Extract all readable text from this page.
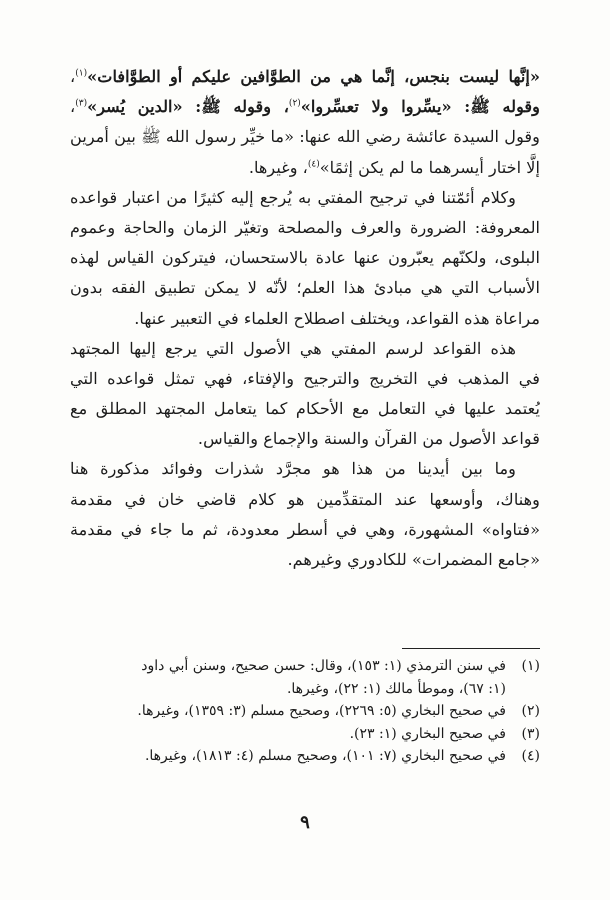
«إنَّها ليست بنجس، إنَّما هي من الطوَّافين عليكم أو الطوَّافات»$^{(١)}$،
وقوله ﷺ: «يسِّروا ولا تعسِّروا»$^{(٢)}$، وقوله ﷺ: «الدين يُسر»$^{(٣)}$،
وقول السيدة عائشة رضي الله عنها: «ما خيِّر رسول الله ﷺ بين أمرين
إلَّا اختار أيسرهما ما لم يكن إثمًا»$^{(٤)}$، وغيرها.
وكلام أئمّتنا في ترجيح المفتي به يُرجع إليه كثيرًا من اعتبار قواعده
المعروفة: الضرورة والعرف والمصلحة وتغيّر الزمان والحاجة وعموم
البلوى، ولكنّهم يعبّرون عنها عادة بالاستحسان، فيتركون القياس لهذه
الأسباب التي هي مبادئ هذا العلم؛ لأنّه لا يمكن تطبيق الفقه بدون
مراعاة هذه القواعد، ويختلف اصطلاح العلماء في التعبير عنها.
هذه القواعد لرسم المفتي هي الأصول التي يرجع إليها المجتهد
في المذهب في التخريج والترجيح والإفتاء، فهي تمثل قواعده التي
يُعتمد عليها في التعامل مع الأحكام كما يتعامل المجتهد المطلق مع
قواعد الأصول من القرآن والسنة والإجماع والقياس.
وما بين أيدينا من هذا هو مجرَّد شذرات وفوائد مذكورة هنا
وهناك، وأوسعها عند المتقدِّمين هو كلام قاضي خان في مقدمة
«فتاواه» المشهورة، وهي في أسطر معدودة، ثم ما جاء في مقدمة
«جامع المضمرات» للكادوري وغيرهم.
(١)
في سنن الترمذي (١: ١٥٣)، وقال: حسن صحيح، وسنن أبي داود
(١: ٦٧)، وموطأ مالك (١: ٢٢)، وغيرها.
(٢)
في صحيح البخاري (٥: ٢٢٦٩)، وصحيح مسلم (٣: ١٣٥٩)، وغيرها.
(٣)
في صحيح البخاري (١: ٢٣).
(٤)
في صحيح البخاري (٧: ١٠١)، وصحيح مسلم (٤: ١٨١٣)، وغيرها.
٩
